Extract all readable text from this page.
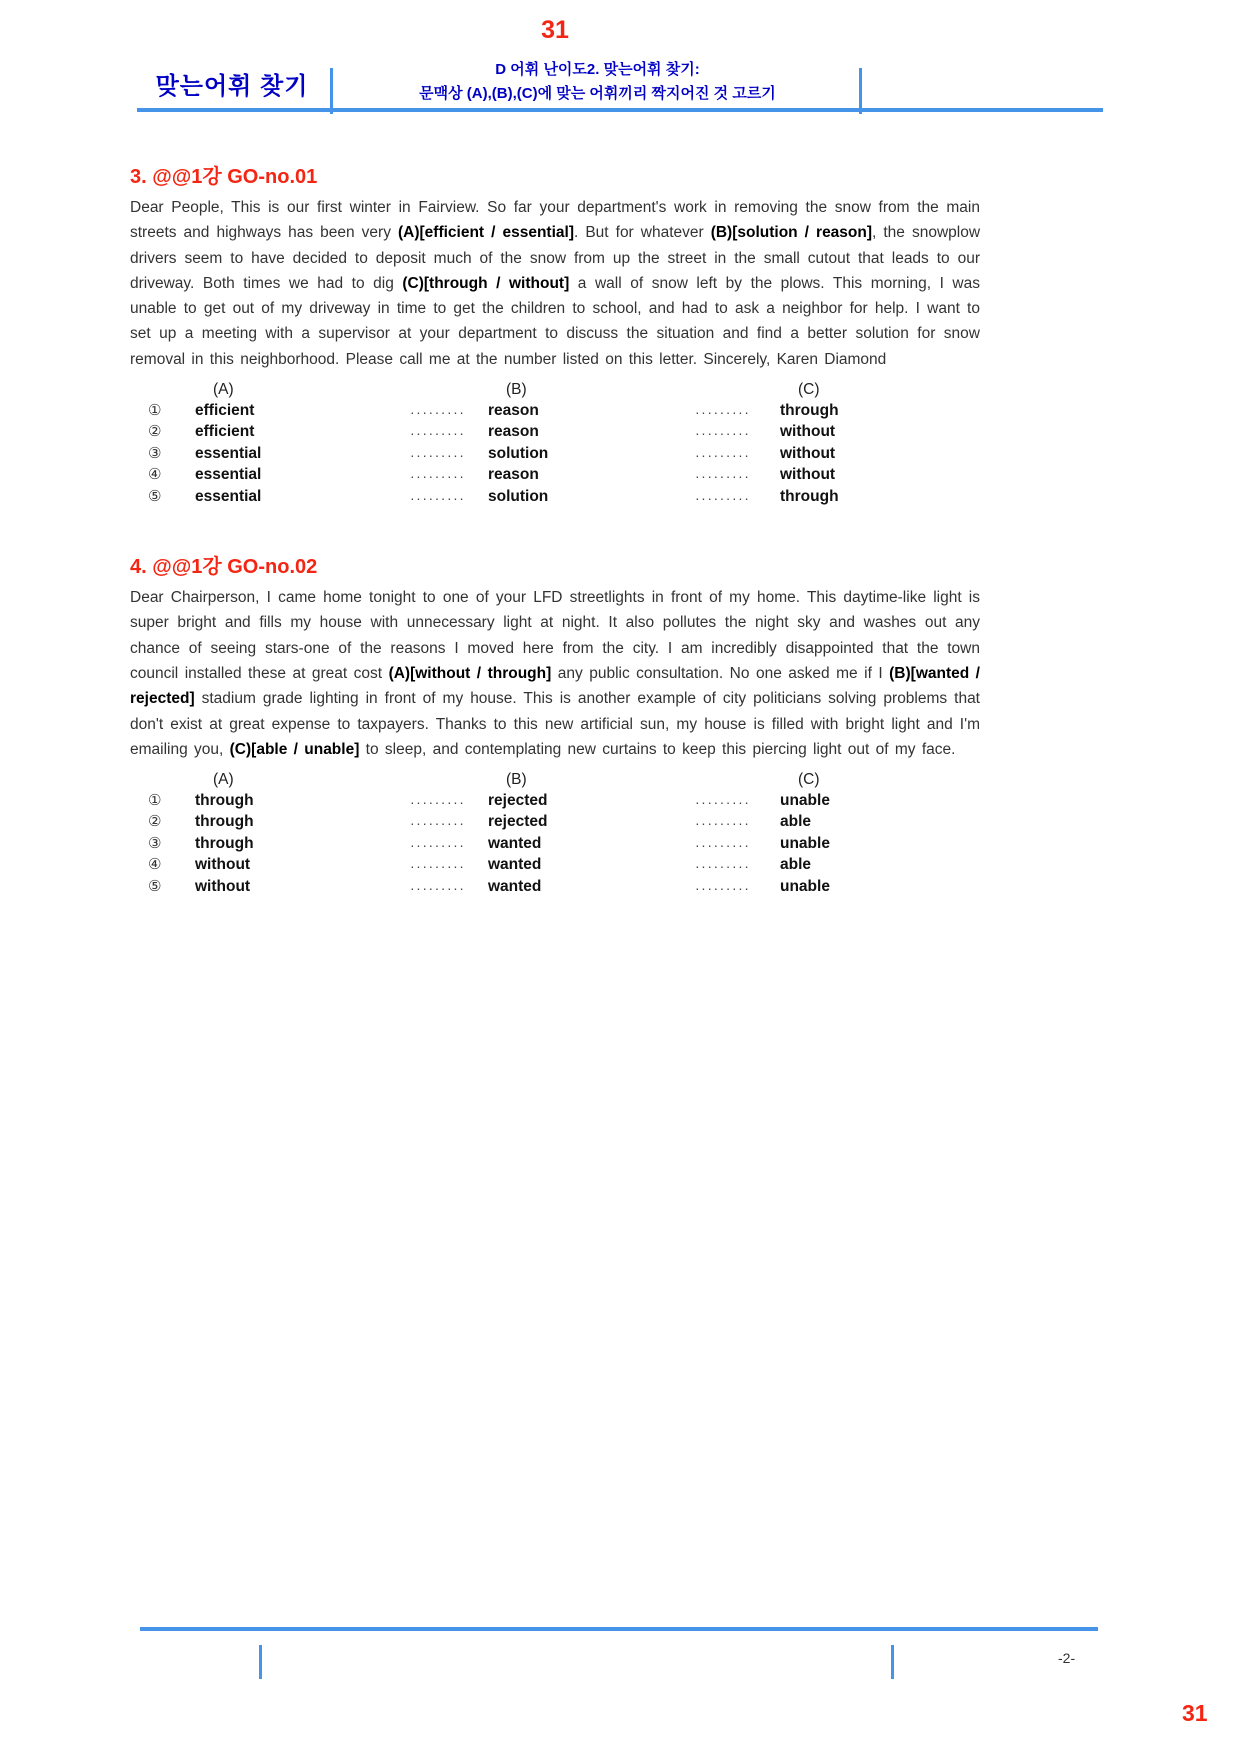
31
맞는어휘 찾기
D 어휘 난이도2. 맞는어휘 찾기:
문맥상 (A),(B),(C)에 맞는 어휘끼리 짝지어진 것 고르기
3. @@1강 GO-no.01

Dear People, This is our first winter in Fairview. So far your department's work in removing the snow from the main streets and highways has been very (A)[efficient / essential]. But for whatever (B)[solution / reason], the snowplow drivers seem to have decided to deposit much of the snow from up the street in the small cutout that leads to our driveway. Both times we had to dig (C)[through / without] a wall of snow left by the plows. This morning, I was unable to get out of my driveway in time to get the children to school, and had to ask a neighbor for help. I want to set up a meeting with a supervisor at your department to discuss the situation and find a better solution for snow removal in this neighborhood. Please call me at the number listed on this letter. Sincerely, Karen Diamond

(A)	(B)	(C)
①	efficient	·········	reason	·········	through
②	efficient	·········	reason	·········	without
③	essential	·········	solution	·········	without
④	essential	·········	reason	·········	without
⑤	essential	·········	solution	·········	through
4. @@1강 GO-no.02

Dear Chairperson, I came home tonight to one of your LFD streetlights in front of my home. This daytime-like light is super bright and fills my house with unnecessary light at night. It also pollutes the night sky and washes out any chance of seeing stars-one of the reasons I moved here from the city. I am incredibly disappointed that the town council installed these at great cost (A)[without / through] any public consultation. No one asked me if I (B)[wanted / rejected] stadium grade lighting in front of my house. This is another example of city politicians solving problems that don't exist at great expense to taxpayers. Thanks to this new artificial sun, my house is filled with bright light and I'm emailing you, (C)[able / unable] to sleep, and contemplating new curtains to keep this piercing light out of my face.

(A)	(B)	(C)
①	through	·········	rejected	·········	unable
②	through	·········	rejected	·········	able
③	through	·········	wanted	·········	unable
④	without	·········	wanted	·········	able
⑤	without	·········	wanted	·········	unable
-2-
31
